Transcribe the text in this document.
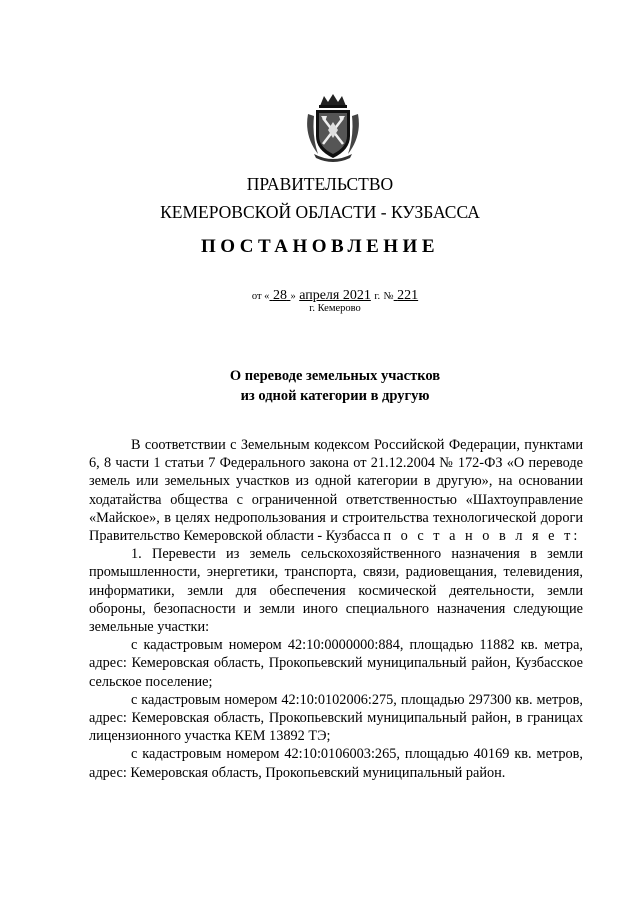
ПРАВИТЕЛЬСТВО
КЕМЕРОВСКОЙ ОБЛАСТИ - КУЗБАССА
ПОСТАНОВЛЕНИЕ
от « 28 » апреля 2021 г. № 221
г. Кемерово
О переводе земельных участков
из одной категории в другую

В соответствии с Земельным кодексом Российской Федерации, пунктами 6, 8 части 1 статьи 7 Федерального закона от 21.12.2004 № 172-ФЗ «О переводе земель или земельных участков из одной категории в другую», на основании ходатайства общества с ограниченной ответственностью «Шахтоуправление «Майское», в целях недропользования и строительства технологической дороги Правительство Кемеровской области - Кузбасса п о с т а н о в л я е т:

1. Перевести из земель сельскохозяйственного назначения в земли промышленности, энергетики, транспорта, связи, радиовещания, телевидения, информатики, земли для обеспечения космической деятельности, земли обороны, безопасности и земли иного специального назначения следующие земельные участки:

с кадастровым номером 42:10:0000000:884, площадью 11882 кв. метра, адрес: Кемеровская область, Прокопьевский муниципальный район, Кузбасское сельское поселение;

с кадастровым номером 42:10:0102006:275, площадью 297300 кв. метров, адрес: Кемеровская область, Прокопьевский муниципальный район, в границах лицензионного участка КЕМ 13892 ТЭ;

с кадастровым номером 42:10:0106003:265, площадью 40169 кв. метров, адрес: Кемеровская область, Прокопьевский муниципальный район.
